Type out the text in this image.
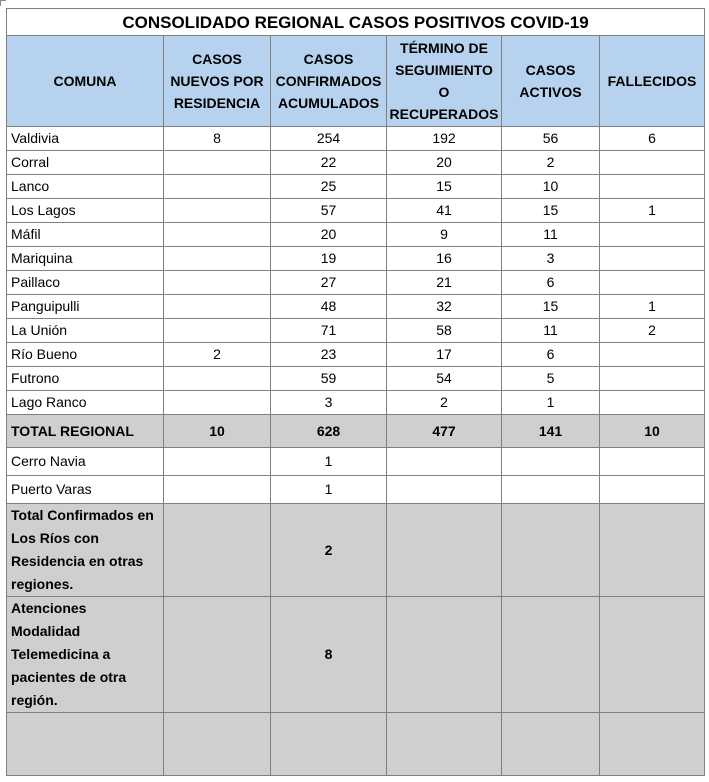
CONSOLIDADO REGIONAL CASOS POSITIVOS COVID-19					
COMUNA	CASOS NUEVOS POR RESIDENCIA	CASOS CONFIRMADOS ACUMULADOS	TÉRMINO DE SEGUIMIENTO O RECUPERADOS	CASOS ACTIVOS	FALLECIDOS
Valdivia	8	254	192	56	6
Corral		22	20	2	
Lanco		25	15	10	
Los Lagos		57	41	15	1
Máfil		20	9	11	
Mariquina		19	16	3	
Paillaco		27	21	6	
Panguipulli		48	32	15	1
La Unión		71	58	11	2
Río Bueno	2	23	17	6	
Futrono		59	54	5	
Lago Ranco		3	2	1	
TOTAL REGIONAL	10	628	477	141	10
Cerro Navia		1			
Puerto Varas		1			
Total Confirmados en Los Ríos con Residencia en otras regiones.		2			
Atenciones Modalidad Telemedicina a pacientes de otra región.		8			
